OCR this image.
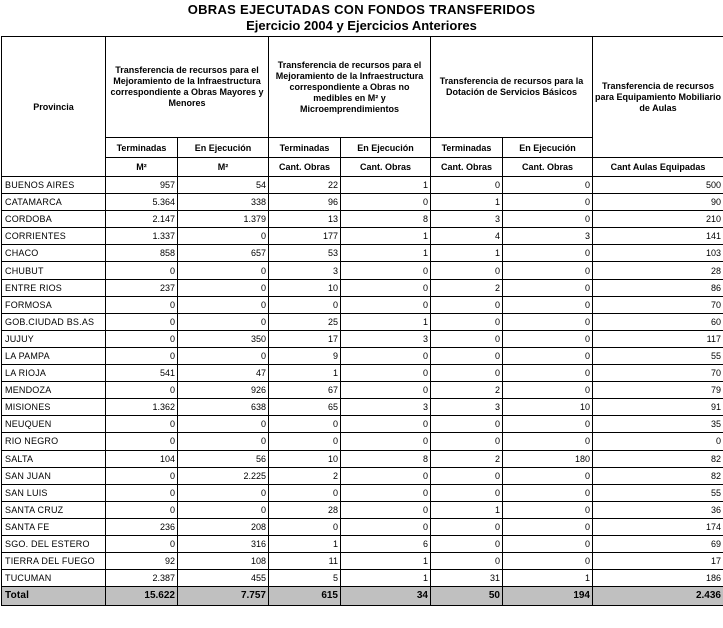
OBRAS EJECUTADAS CON FONDOS TRANSFERIDOS
Ejercicio 2004 y Ejercicios Anteriores
Provincia	Transferencia de recursos para el Mejoramiento de la Infraestructura correspondiente a Obras Mayores y Menores		Transferencia de recursos para el Mejoramiento de la Infraestructura correspondiente a Obras no medibles en M² y Microemprendimientos		Transferencia de recursos para la Dotación de Servicios Básicos		Transferencia de recursos para Equipamiento Mobiliario de Aulas
	Terminadas	En Ejecución	Terminadas	En Ejecución	Terminadas	En Ejecución	
	M²	M²	Cant. Obras	Cant. Obras	Cant. Obras	Cant. Obras	Cant Aulas Equipadas
BUENOS AIRES	957	54	22	1	0	0	500
CATAMARCA	5.364	338	96	0	1	0	90
CORDOBA	2.147	1.379	13	8	3	0	210
CORRIENTES	1.337	0	177	1	4	3	141
CHACO	858	657	53	1	1	0	103
CHUBUT	0	0	3	0	0	0	28
ENTRE RIOS	237	0	10	0	2	0	86
FORMOSA	0	0	0	0	0	0	70
GOB.CIUDAD BS.AS	0	0	25	1	0	0	60
JUJUY	0	350	17	3	0	0	117
LA PAMPA	0	0	9	0	0	0	55
LA RIOJA	541	47	1	0	0	0	70
MENDOZA	0	926	67	0	2	0	79
MISIONES	1.362	638	65	3	3	10	91
NEUQUEN	0	0	0	0	0	0	35
RIO NEGRO	0	0	0	0	0	0	0
SALTA	104	56	10	8	2	180	82
SAN JUAN	0	2.225	2	0	0	0	82
SAN LUIS	0	0	0	0	0	0	55
SANTA CRUZ	0	0	28	0	1	0	36
SANTA FE	236	208	0	0	0	0	174
SGO. DEL ESTERO	0	316	1	6	0	0	69
TIERRA DEL FUEGO	92	108	11	1	0	0	17
TUCUMAN	2.387	455	5	1	31	1	186
Total	15.622	7.757	615	34	50	194	2.436
